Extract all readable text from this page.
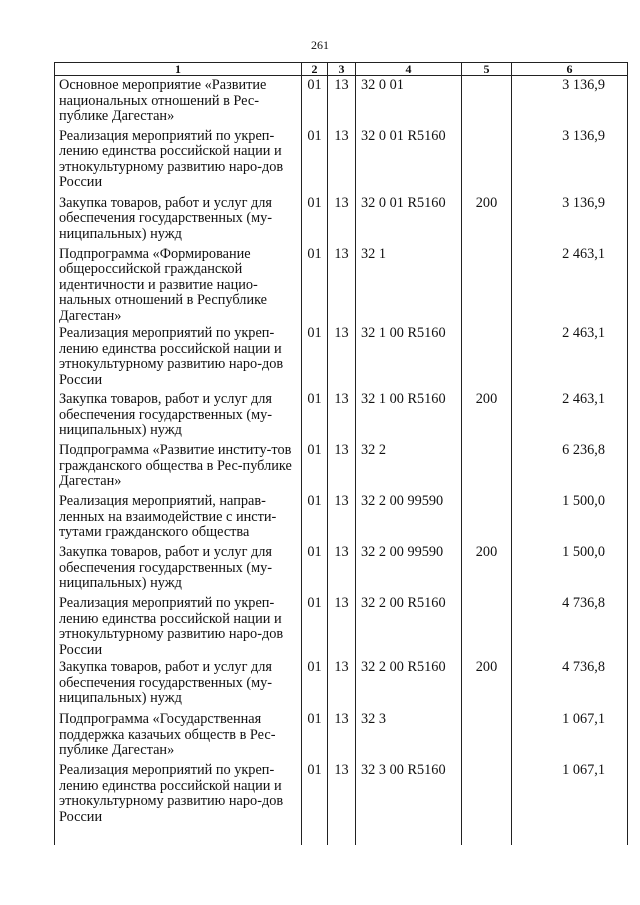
261
1	2	3	4	5	6
Основное мероприятие «Развитие национальных отношений в Рес-публике Дагестан»	01	13	32 0 01		3 136,9
Реализация мероприятий по укреп-лению единства российской нации и этнокультурному развитию наро-дов России	01	13	32 0 01 R5160		3 136,9
Закупка товаров, работ и услуг для обеспечения государственных (му-ниципальных) нужд	01	13	32 0 01 R5160	200	3 136,9
Подпрограмма «Формирование общероссийской гражданской идентичности и развитие нацио-нальных отношений в Республике Дагестан»	01	13	32 1		2 463,1
Реализация мероприятий по укреп-лению единства российской нации и этнокультурному развитию наро-дов России	01	13	32 1 00 R5160		2 463,1
Закупка товаров, работ и услуг для обеспечения государственных (му-ниципальных) нужд	01	13	32 1 00 R5160	200	2 463,1
Подпрограмма «Развитие институ-тов гражданского общества в Рес-публике Дагестан»	01	13	32 2		6 236,8
Реализация мероприятий, направ-ленных на взаимодействие с инсти-тутами гражданского общества	01	13	32 2 00 99590		1 500,0
Закупка товаров, работ и услуг для обеспечения государственных (му-ниципальных) нужд	01	13	32 2 00 99590	200	1 500,0
Реализация мероприятий по укреп-лению единства российской нации и этнокультурному развитию наро-дов России	01	13	32 2 00 R5160		4 736,8
Закупка товаров, работ и услуг для обеспечения государственных (му-ниципальных) нужд	01	13	32 2 00 R5160	200	4 736,8
Подпрограмма «Государственная поддержка казачьих обществ в Рес-публике Дагестан»	01	13	32 3		1 067,1
Реализация мероприятий по укреп-лению единства российской нации и этнокультурному развитию наро-дов России	01	13	32 3 00 R5160		1 067,1
